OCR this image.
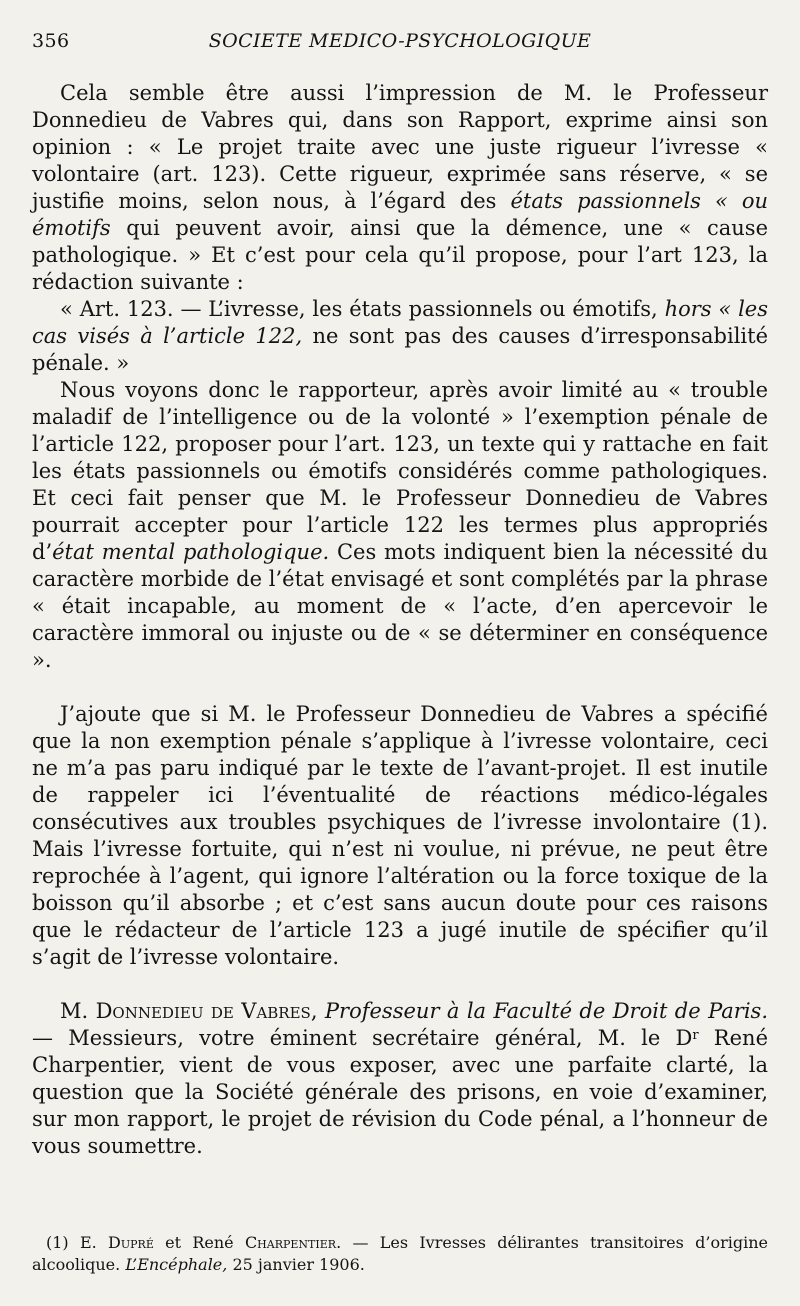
356	SOCIETE MEDICO-PSYCHOLOGIQUE

Cela semble être aussi l’impression de M. le Professeur Donnedieu de Vabres qui, dans son Rapport, exprime ainsi son opinion : « Le projet traite avec une juste rigueur l’ivresse « volontaire (art. 123). Cette rigueur, exprimée sans réserve, « se justifie moins, selon nous, à l’égard des états passionnels « ou émotifs qui peuvent avoir, ainsi que la démence, une « cause pathologique. » Et c’est pour cela qu’il propose, pour l’art 123, la rédaction suivante :

« Art. 123. — L’ivresse, les états passionnels ou émotifs, hors « les cas visés à l’article 122, ne sont pas des causes d’irresponsabilité pénale. »

Nous voyons donc le rapporteur, après avoir limité au « trouble maladif de l’intelligence ou de la volonté » l’exemption pénale de l’article 122, proposer pour l’art. 123, un texte qui y rattache en fait les états passionnels ou émotifs considérés comme pathologiques. Et ceci fait penser que M. le Professeur Donnedieu de Vabres pourrait accepter pour l’article 122 les termes plus appropriés d’état mental pathologique. Ces mots indiquent bien la nécessité du caractère morbide de l’état envisagé et sont complétés par la phrase « était incapable, au moment de « l’acte, d’en apercevoir le caractère immoral ou injuste ou de « se déterminer en conséquence ».

J’ajoute que si M. le Professeur Donnedieu de Vabres a spécifié que la non exemption pénale s’applique à l’ivresse volontaire, ceci ne m’a pas paru indiqué par le texte de l’avant-projet. Il est inutile de rappeler ici l’éventualité de réactions médico-légales consécutives aux troubles psychiques de l’ivresse involontaire (1). Mais l’ivresse fortuite, qui n’est ni voulue, ni prévue, ne peut être reprochée à l’agent, qui ignore l’altération ou la force toxique de la boisson qu’il absorbe ; et c’est sans aucun doute pour ces raisons que le rédacteur de l’article 123 a jugé inutile de spécifier qu’il s’agit de l’ivresse volontaire.

M. Donnedieu de Vabres, Professeur à la Faculté de Droit de Paris. — Messieurs, votre éminent secrétaire général, M. le $D^r$ René Charpentier, vient de vous exposer, avec une parfaite clarté, la question que la Société générale des prisons, en voie d’examiner, sur mon rapport, le projet de révision du Code pénal, a l’honneur de vous soumettre.

(1) E. Dupré et René Charpentier. — Les Ivresses délirantes transitoires d’origine alcoolique. L’Encéphale, 25 janvier 1906.
